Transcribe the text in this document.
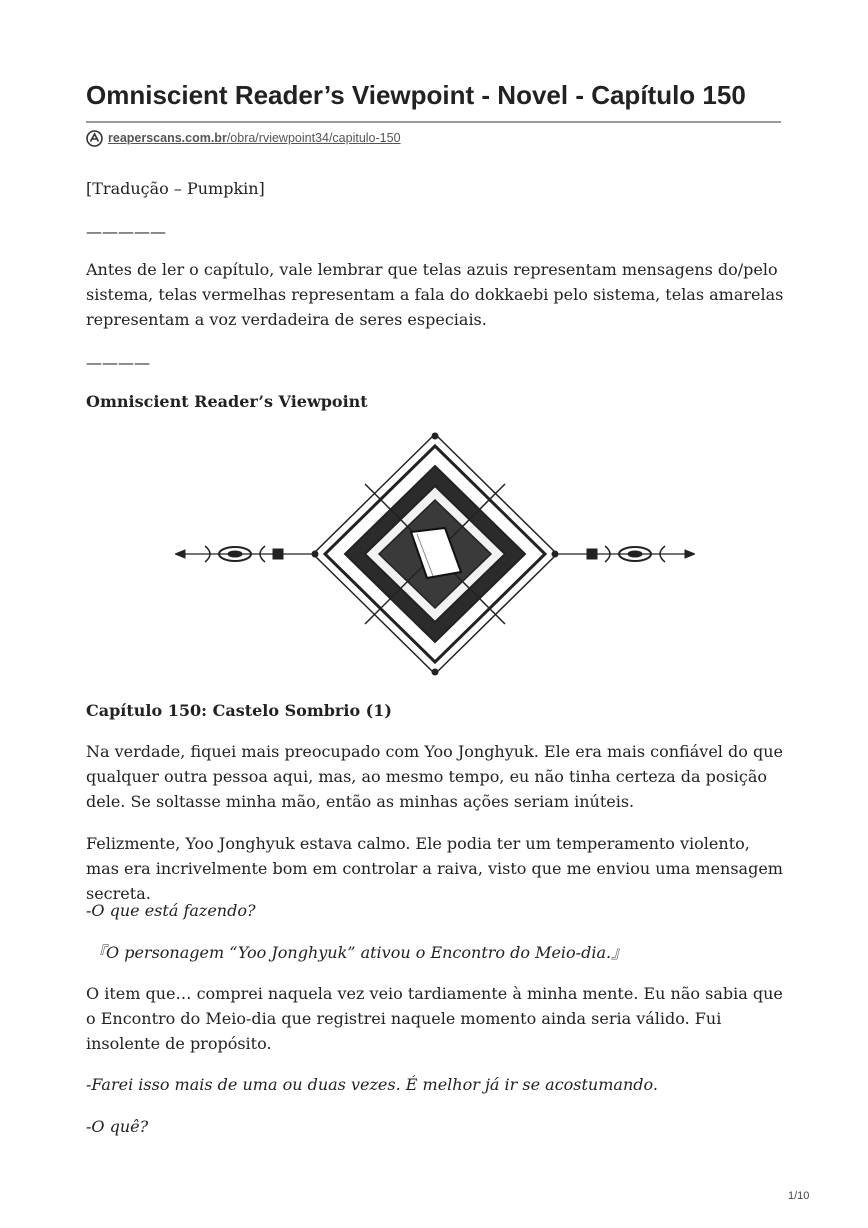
Omniscient Reader’s Viewpoint - Novel - Capítulo 150
reaperscans.com.br/obra/rviewpoint34/capitulo-150

[Tradução – Pumpkin]

—————

Antes de ler o capítulo, vale lembrar que telas azuis representam mensagens do/pelo sistema, telas vermelhas representam a fala do dokkaebi pelo sistema, telas amarelas representam a voz verdadeira de seres especiais.

————

Omniscient Reader’s Viewpoint

Capítulo 150: Castelo Sombrio (1)

Na verdade, fiquei mais preocupado com Yoo Jonghyuk. Ele era mais confiável do que qualquer outra pessoa aqui, mas, ao mesmo tempo, eu não tinha certeza da posição dele. Se soltasse minha mão, então as minhas ações seriam inúteis.

Felizmente, Yoo Jonghyuk estava calmo. Ele podia ter um temperamento violento, mas era incrivelmente bom em controlar a raiva, visto que me enviou uma mensagem secreta.

-O que está fazendo?

『O personagem “Yoo Jonghyuk” ativou o Encontro do Meio-dia.』

O item que… comprei naquela vez veio tardiamente à minha mente. Eu não sabia que o Encontro do Meio-dia que registrei naquele momento ainda seria válido. Fui insolente de propósito.

-Farei isso mais de uma ou duas vezes. É melhor já ir se acostumando.

-O quê?

1/10
